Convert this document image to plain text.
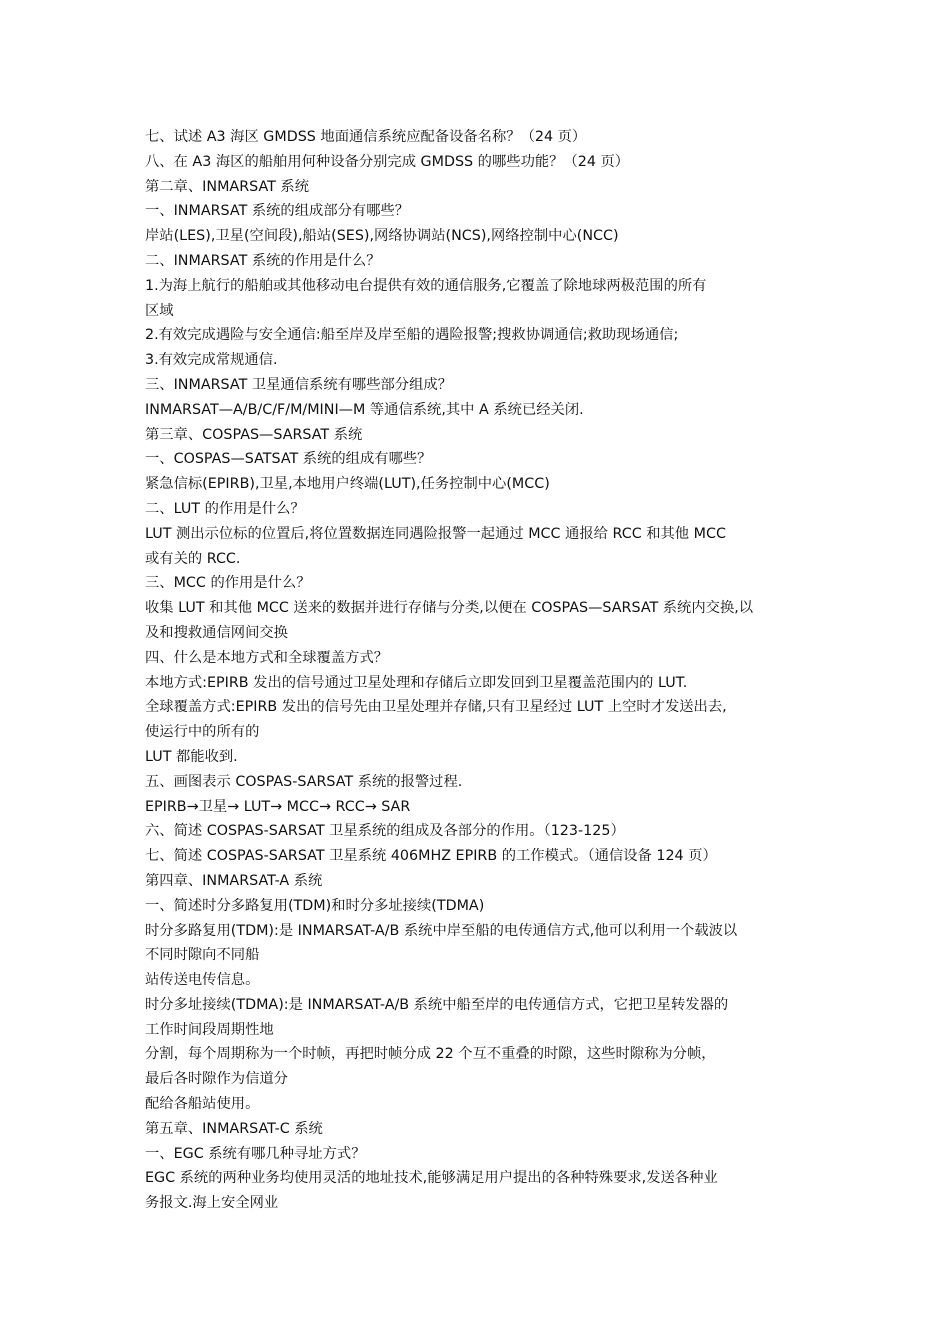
七、试述 A3 海区 GMDSS 地面通信系统应配备设备名称？（24 页）
八、在 A3 海区的船舶用何种设备分别完成 GMDSS 的哪些功能？（24 页）
第二章、INMARSAT 系统
一、INMARSAT 系统的组成部分有哪些？
岸站(LES),卫星(空间段),船站(SES),网络协调站(NCS),网络控制中心(NCC)
二、INMARSAT 系统的作用是什么？
1.为海上航行的船舶或其他移动电台提供有效的通信服务,它覆盖了除地球两极范围的所有
区域
2.有效完成遇险与安全通信:船至岸及岸至船的遇险报警;搜救协调通信;救助现场通信;
3.有效完成常规通信.
三、INMARSAT 卫星通信系统有哪些部分组成？
INMARSAT—A/B/C/F/M/MINI—M 等通信系统,其中 A 系统已经关闭.
第三章、COSPAS—SARSAT 系统
一、COSPAS—SATSAT 系统的组成有哪些？
紧急信标(EPIRB),卫星,本地用户终端(LUT),任务控制中心(MCC)
二、LUT 的作用是什么？
LUT 测出示位标的位置后,将位置数据连同遇险报警一起通过 MCC 通报给 RCC 和其他 MCC
或有关的 RCC.
三、MCC 的作用是什么？
收集 LUT 和其他 MCC 送来的数据并进行存储与分类,以便在 COSPAS—SARSAT 系统内交换,以
及和搜救通信网间交换
四、什么是本地方式和全球覆盖方式？
本地方式:EPIRB 发出的信号通过卫星处理和存储后立即发回到卫星覆盖范围内的 LUT.
全球覆盖方式:EPIRB 发出的信号先由卫星处理并存储,只有卫星经过 LUT 上空时才发送出去,
使运行中的所有的
LUT 都能收到.
五、画图表示 COSPAS-SARSAT 系统的报警过程.
EPIRB→卫星→ LUT→ MCC→ RCC→ SAR
六、简述 COSPAS-SARSAT 卫星系统的组成及各部分的作用。（123-125）
七、简述 COSPAS-SARSAT 卫星系统 406MHZ EPIRB 的工作模式。（通信设备 124 页）
第四章、INMARSAT-A 系统
一、简述时分多路复用(TDM)和时分多址接续(TDMA)
时分多路复用(TDM):是 INMARSAT-A/B 系统中岸至船的电传通信方式,他可以利用一个载波以
不同时隙向不同船
站传送电传信息。
时分多址接续(TDMA):是 INMARSAT-A/B 系统中船至岸的电传通信方式，它把卫星转发器的
工作时间段周期性地
分割，每个周期称为一个时帧，再把时帧分成 22 个互不重叠的时隙，这些时隙称为分帧，
最后各时隙作为信道分
配给各船站使用。
第五章、INMARSAT-C 系统
一、EGC 系统有哪几种寻址方式？
EGC 系统的两种业务均使用灵活的地址技术,能够满足用户提出的各种特殊要求,发送各种业
务报文.海上安全网业
